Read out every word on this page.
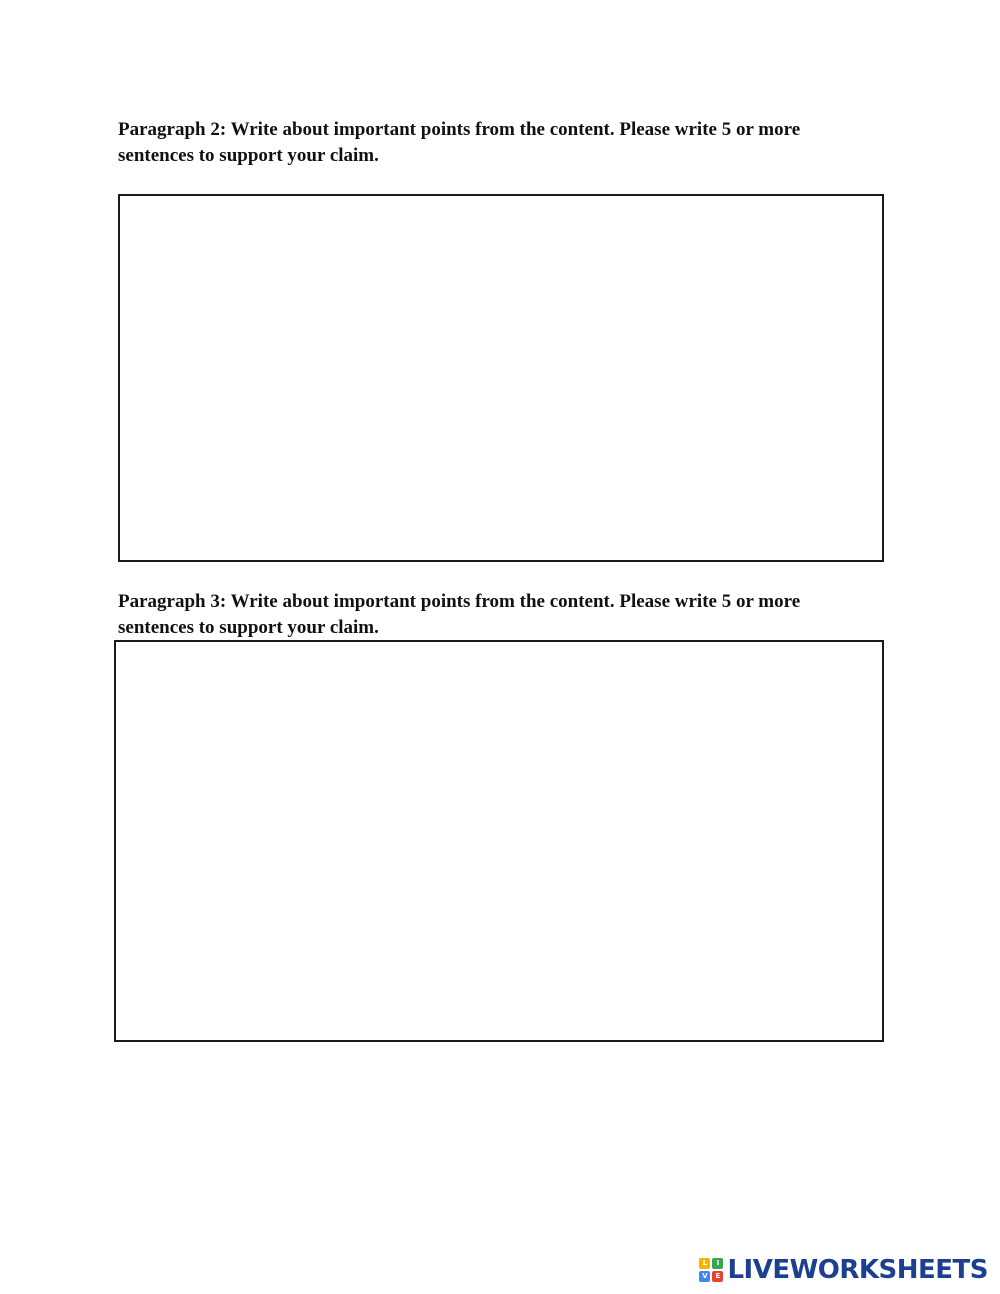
Paragraph 2: Write about important points from the content. Please write 5 or more sentences to support your claim.

Paragraph 3: Write about important points from the content. Please write 5 or more sentences to support your claim.

L	I
V	E LIVEWORKSHEETS
